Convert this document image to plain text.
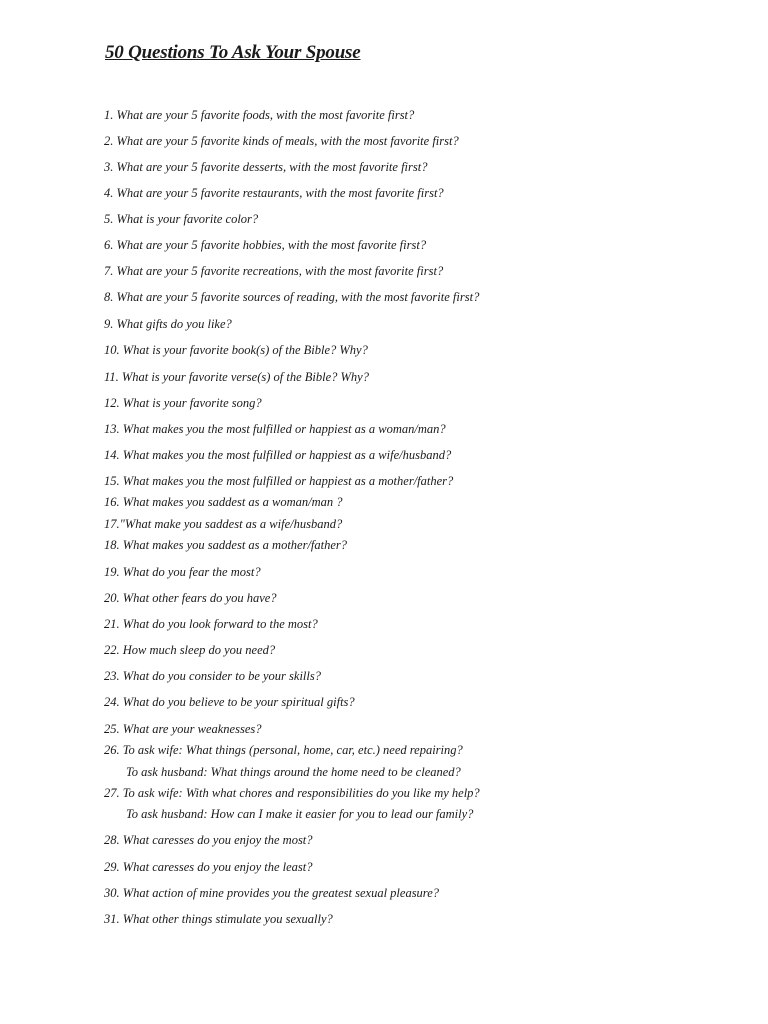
50 Questions To Ask Your Spouse
1. What are your 5 favorite foods, with the most favorite first?
2. What are your 5 favorite kinds of meals, with the most favorite first?
3. What are your 5 favorite desserts, with the most favorite first?
4. What are your 5 favorite restaurants, with the most favorite first?
5. What is your favorite color?
6. What are your 5 favorite hobbies, with the most favorite first?
7. What are your 5 favorite recreations, with the most favorite first?
8. What are your 5 favorite sources of reading, with the most favorite first?
9. What gifts do you like?
10. What is your favorite book(s) of the Bible? Why?
11. What is your favorite verse(s) of the Bible? Why?
12. What is your favorite song?
13. What makes you the most fulfilled or happiest as a woman/man?
14. What makes you the most fulfilled or happiest as a wife/husband?
15. What makes you the most fulfilled or happiest as a mother/father?
16. What makes you saddest as a woman/man ?
17."What make you saddest as a wife/husband?
18. What makes you saddest as a mother/father?
19. What do you fear the most?
20. What other fears do you have?
21. What do you look forward to the most?
22. How much sleep do you need?
23. What do you consider to be your skills?
24. What do you believe to be your spiritual gifts?
25. What are your weaknesses?
26. To ask wife: What things (personal, home, car, etc.) need repairing?
To ask husband: What things around the home need to be cleaned?
27. To ask wife: With what chores and responsibilities do you like my help?
To ask husband: How can I make it easier for you to lead our family?
28. What caresses do you enjoy the most?
29. What caresses do you enjoy the least?
30. What action of mine provides you the greatest sexual pleasure?
31. What other things stimulate you sexually?
